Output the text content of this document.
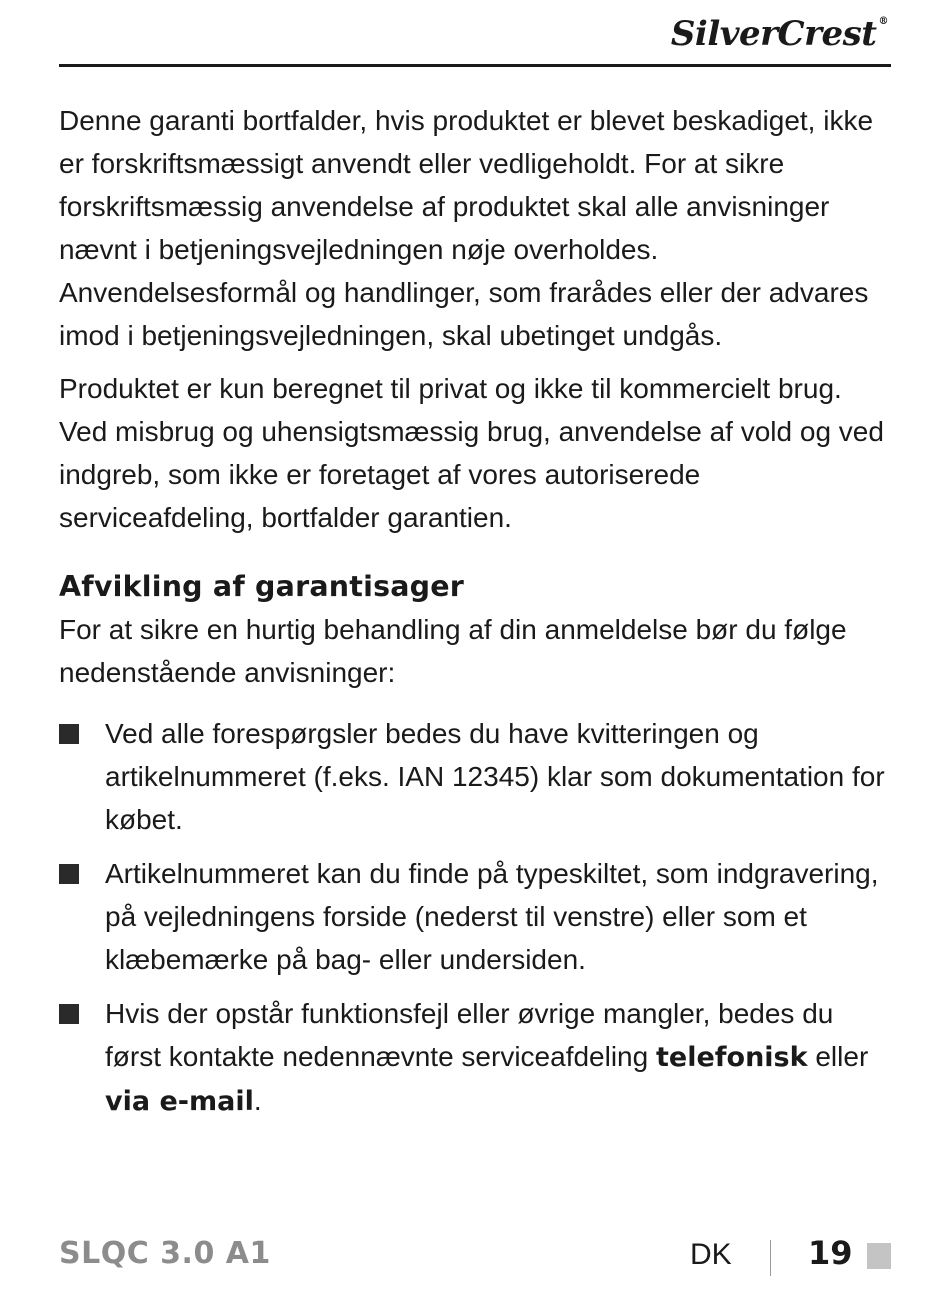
SilverCrest ®
Denne garanti bortfalder, hvis produktet er blevet beskadiget, ikke er forskriftsmæssigt anvendt eller vedligeholdt. For at sikre forskriftsmæssig anvendelse af produktet skal alle anvisninger nævnt i betjeningsvejledningen nøje overholdes. Anvendelsesformål og handlinger, som frarådes eller der advares imod i betjeningsvejledningen, skal ubetinget undgås.
Produktet er kun beregnet til privat og ikke til kommercielt brug. Ved misbrug og uhensigtsmæssig brug, anvendelse af vold og ved indgreb, som ikke er foretaget af vores autoriserede serviceafdeling, bortfalder garantien.
Afvikling af garantisager
For at sikre en hurtig behandling af din anmeldelse bør du følge nedenstående anvisninger:
Ved alle forespørgsler bedes du have kvitteringen og artikelnummeret (f.eks. IAN 12345) klar som dokumentation for købet.
Artikelnummeret kan du finde på typeskiltet, som indgravering, på vejledningens forside (nederst til venstre) eller som et klæbemærke på bag- eller undersiden.
Hvis der opstår funktionsfejl eller øvrige mangler, bedes du først kontakte nedennævnte serviceafdeling telefonisk eller via e-mail.
SLQC 3.0 A1	DK 19
